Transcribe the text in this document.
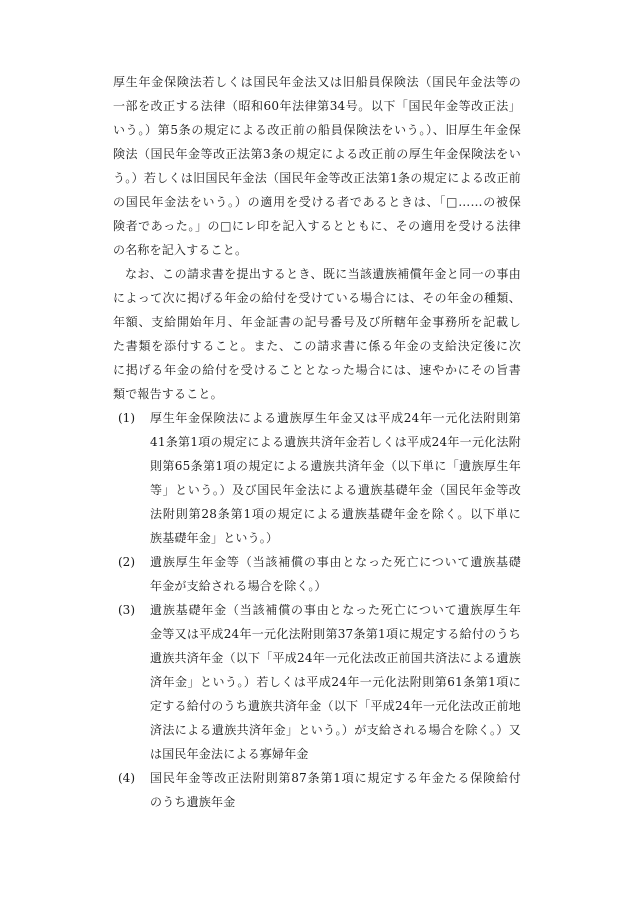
厚生年金保険法若しくは国民年金法又は旧船員保険法（国民年金法等の
一部を改正する法律（昭和60年法律第34号。以下「国民年金等改正法」
いう。）第5条の規定による改正前の船員保険法をいう。）、旧厚生年金保
険法（国民年金等改正法第3条の規定による改正前の厚生年金保険法をい
う。）若しくは旧国民年金法（国民年金等改正法第1条の規定による改正前
の国民年金法をいう。）の適用を受ける者であるときは、「□……の被保
険者であった。」の□にレ印を記入するとともに、その適用を受ける法律
の名称を記入すること。
なお、この請求書を提出するとき、既に当該遺族補償年金と同一の事由
によって次に掲げる年金の給付を受けている場合には、その年金の種類、
年額、支給開始年月、年金証書の記号番号及び所轄年金事務所を記載し
た書類を添付すること。また、この請求書に係る年金の支給決定後に次
に掲げる年金の給付を受けることとなった場合には、速やかにその旨書
類で報告すること。
(1) 厚生年金保険法による遺族厚生年金又は平成24年一元化法附則第
41条第1項の規定による遺族共済年金若しくは平成24年一元化法附
則第65条第1項の規定による遺族共済年金（以下単に「遺族厚生年
等」という。）及び国民年金法による遺族基礎年金（国民年金等改
法附則第28条第1項の規定による遺族基礎年金を除く。以下単に
族基礎年金」という。）
(2) 遺族厚生年金等（当該補償の事由となった死亡について遺族基礎
年金が支給される場合を除く。）
(3) 遺族基礎年金（当該補償の事由となった死亡について遺族厚生年
金等又は平成24年一元化法附則第37条第1項に規定する給付のうち
遺族共済年金（以下「平成24年一元化法改正前国共済法による遺族
済年金」という。）若しくは平成24年一元化法附則第61条第1項に
定する給付のうち遺族共済年金（以下「平成24年一元化法改正前地
済法による遺族共済年金」という。）が支給される場合を除く。）又
は国民年金法による寡婦年金
(4) 国民年金等改正法附則第87条第1項に規定する年金たる保険給付
のうち遺族年金
